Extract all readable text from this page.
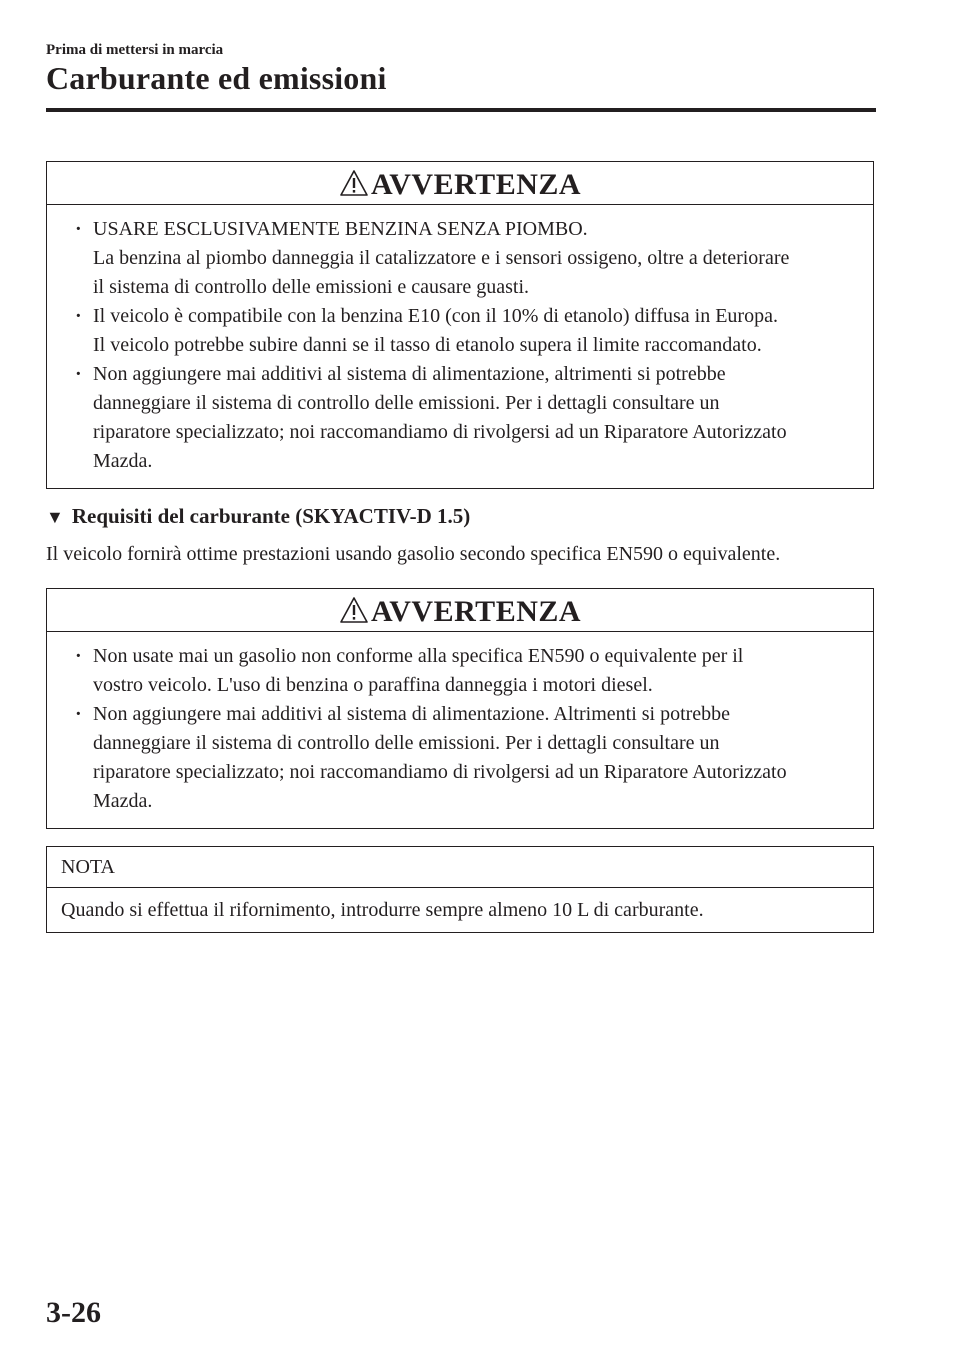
Prima di mettersi in marcia
Carburante ed emissioni
AVVERTENZA

· USARE ESCLUSIVAMENTE BENZINA SENZA PIOMBO.

La benzina al piombo danneggia il catalizzatore e i sensori ossigeno, oltre a deteriorare

il sistema di controllo delle emissioni e causare guasti.

· Il veicolo è compatibile con la benzina E10 (con il 10% di etanolo) diffusa in Europa.

Il veicolo potrebbe subire danni se il tasso di etanolo supera il limite raccomandato.

· Non aggiungere mai additivi al sistema di alimentazione, altrimenti si potrebbe

danneggiare il sistema di controllo delle emissioni. Per i dettagli consultare un

riparatore specializzato; noi raccomandiamo di rivolgersi ad un Riparatore Autorizzato

Mazda.

▼ Requisiti del carburante (SKYACTIV-D 1.5)
Il veicolo fornirà ottime prestazioni usando gasolio secondo specifica EN590 o equivalente.
AVVERTENZA

· Non usate mai un gasolio non conforme alla specifica EN590 o equivalente per il

vostro veicolo. L'uso di benzina o paraffina danneggia i motori diesel.

· Non aggiungere mai additivi al sistema di alimentazione. Altrimenti si potrebbe

danneggiare il sistema di controllo delle emissioni. Per i dettagli consultare un

riparatore specializzato; noi raccomandiamo di rivolgersi ad un Riparatore Autorizzato

Mazda.

NOTA
Quando si effettua il rifornimento, introdurre sempre almeno 10 L di carburante.
3-26
